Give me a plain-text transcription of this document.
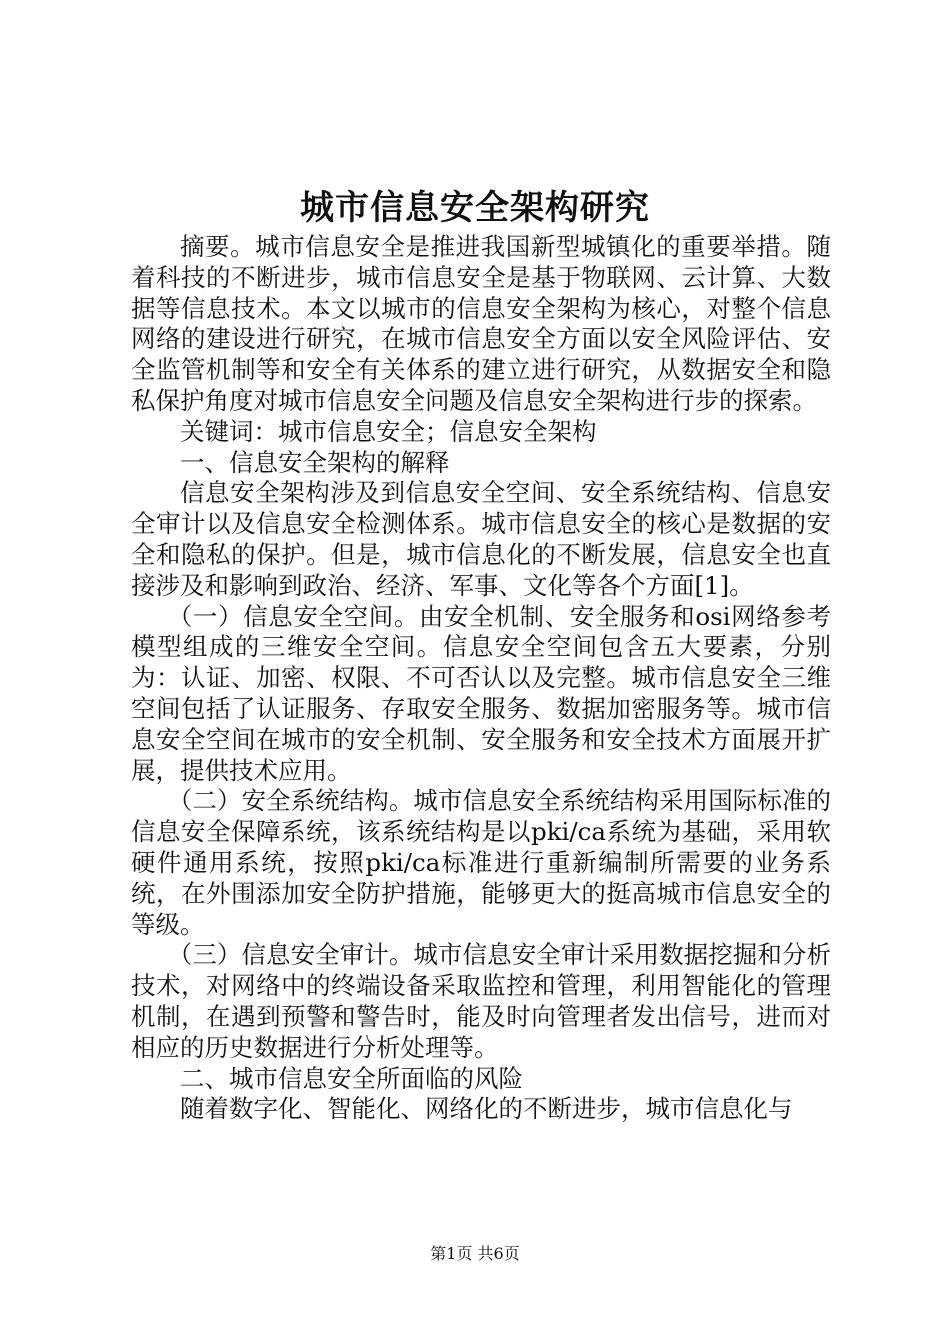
城市信息安全架构研究

摘要。城市信息安全是推进我国新型城镇化的重要举措。随着科技的不断进步，城市信息安全是基于物联网、云计算、大数据等信息技术。本文以城市的信息安全架构为核心，对整个信息网络的建设进行研究，在城市信息安全方面以安全风险评估、安全监管机制等和安全有关体系的建立进行研究，从数据安全和隐私保护角度对城市信息安全问题及信息安全架构进行步的探索。

关键词：城市信息安全；信息安全架构

一、信息安全架构的解释

信息安全架构涉及到信息安全空间、安全系统结构、信息安全审计以及信息安全检测体系。城市信息安全的核心是数据的安全和隐私的保护。但是，城市信息化的不断发展，信息安全也直接涉及和影响到政治、经济、军事、文化等各个方面[1]。

（一）信息安全空间。由安全机制、安全服务和osi网络参考模型组成的三维安全空间。信息安全空间包含五大要素，分别为：认证、加密、权限、不可否认以及完整。城市信息安全三维空间包括了认证服务、存取安全服务、数据加密服务等。城市信息安全空间在城市的安全机制、安全服务和安全技术方面展开扩展，提供技术应用。

（二）安全系统结构。城市信息安全系统结构采用国际标准的信息安全保障系统，该系统结构是以pki/ca系统为基础，采用软硬件通用系统，按照pki/ca标准进行重新编制所需要的业务系统，在外围添加安全防护措施，能够更大的挺高城市信息安全的等级。

（三）信息安全审计。城市信息安全审计采用数据挖掘和分析技术，对网络中的终端设备采取监控和管理，利用智能化的管理机制，在遇到预警和警告时，能及时向管理者发出信号，进而对相应的历史数据进行分析处理等。

二、城市信息安全所面临的风险

随着数字化、智能化、网络化的不断进步，城市信息化与

第1页 共6页
